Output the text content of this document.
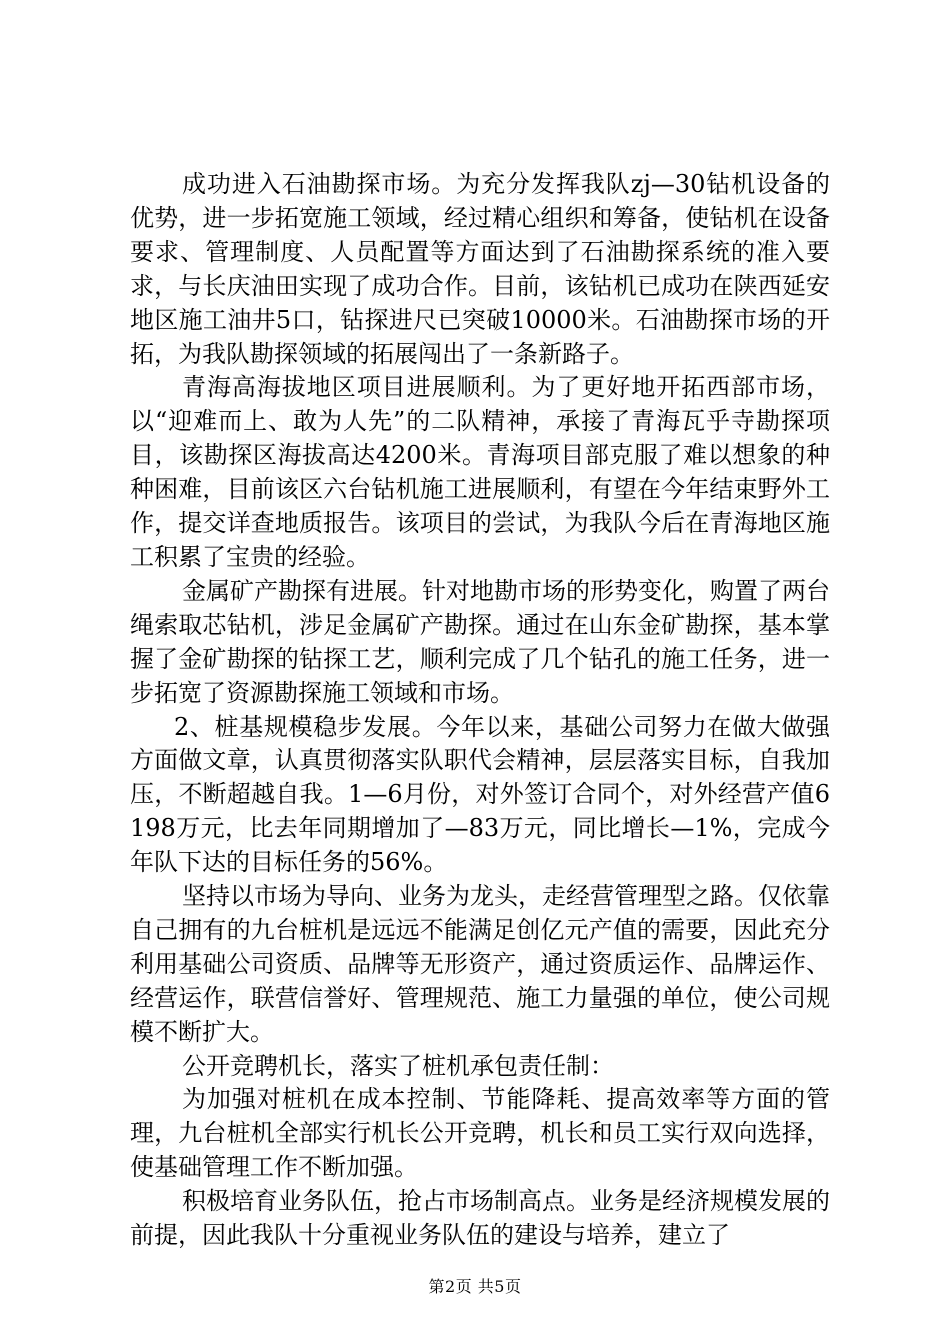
成功进入石油勘探市场。为充分发挥我队zj—30钻机设备的优势，进一步拓宽施工领域，经过精心组织和筹备，使钻机在设备要求、管理制度、人员配置等方面达到了石油勘探系统的准入要求，与长庆油田实现了成功合作。目前，该钻机已成功在陕西延安地区施工油井5口，钻探进尺已突破10000米。石油勘探市场的开拓，为我队勘探领域的拓展闯出了一条新路子。

青海高海拔地区项目进展顺利。为了更好地开拓西部市场，以“迎难而上、敢为人先”的二队精神，承接了青海瓦乎寺勘探项目，该勘探区海拔高达4200米。青海项目部克服了难以想象的种种困难，目前该区六台钻机施工进展顺利，有望在今年结束野外工作，提交详查地质报告。该项目的尝试，为我队今后在青海地区施工积累了宝贵的经验。

金属矿产勘探有进展。针对地勘市场的形势变化，购置了两台绳索取芯钻机，涉足金属矿产勘探。通过在山东金矿勘探，基本掌握了金矿勘探的钻探工艺，顺利完成了几个钻孔的施工任务，进一步拓宽了资源勘探施工领域和市场。

2、桩基规模稳步发展。今年以来，基础公司努力在做大做强方面做文章，认真贯彻落实队职代会精神，层层落实目标，自我加压，不断超越自我。1—6月份，对外签订合同个，对外经营产值6198万元，比去年同期增加了—83万元，同比增长—1%，完成今年队下达的目标任务的56%。

坚持以市场为导向、业务为龙头，走经营管理型之路。仅依靠自己拥有的九台桩机是远远不能满足创亿元产值的需要，因此充分利用基础公司资质、品牌等无形资产，通过资质运作、品牌运作、经营运作，联营信誉好、管理规范、施工力量强的单位，使公司规模不断扩大。

公开竞聘机长，落实了桩机承包责任制：

为加强对桩机在成本控制、节能降耗、提高效率等方面的管理，九台桩机全部实行机长公开竞聘，机长和员工实行双向选择，使基础管理工作不断加强。

积极培育业务队伍，抢占市场制高点。业务是经济规模发展的前提，因此我队十分重视业务队伍的建设与培养，建立了

第2页 共5页
